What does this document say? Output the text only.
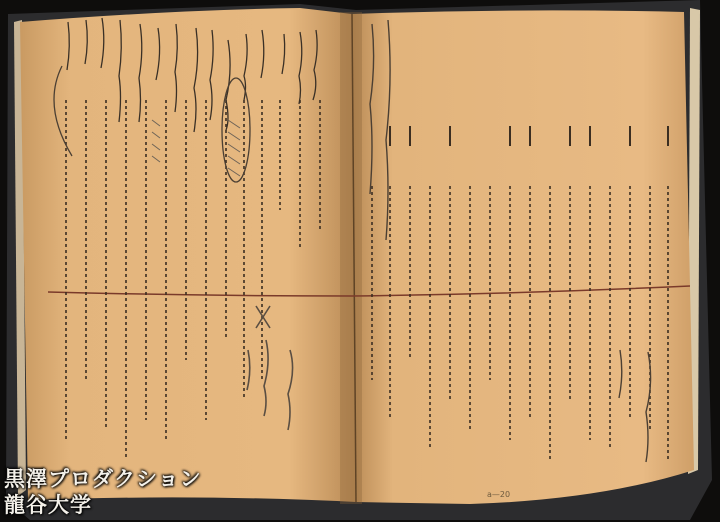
a—20
黒澤プロダクション
龍谷大学
